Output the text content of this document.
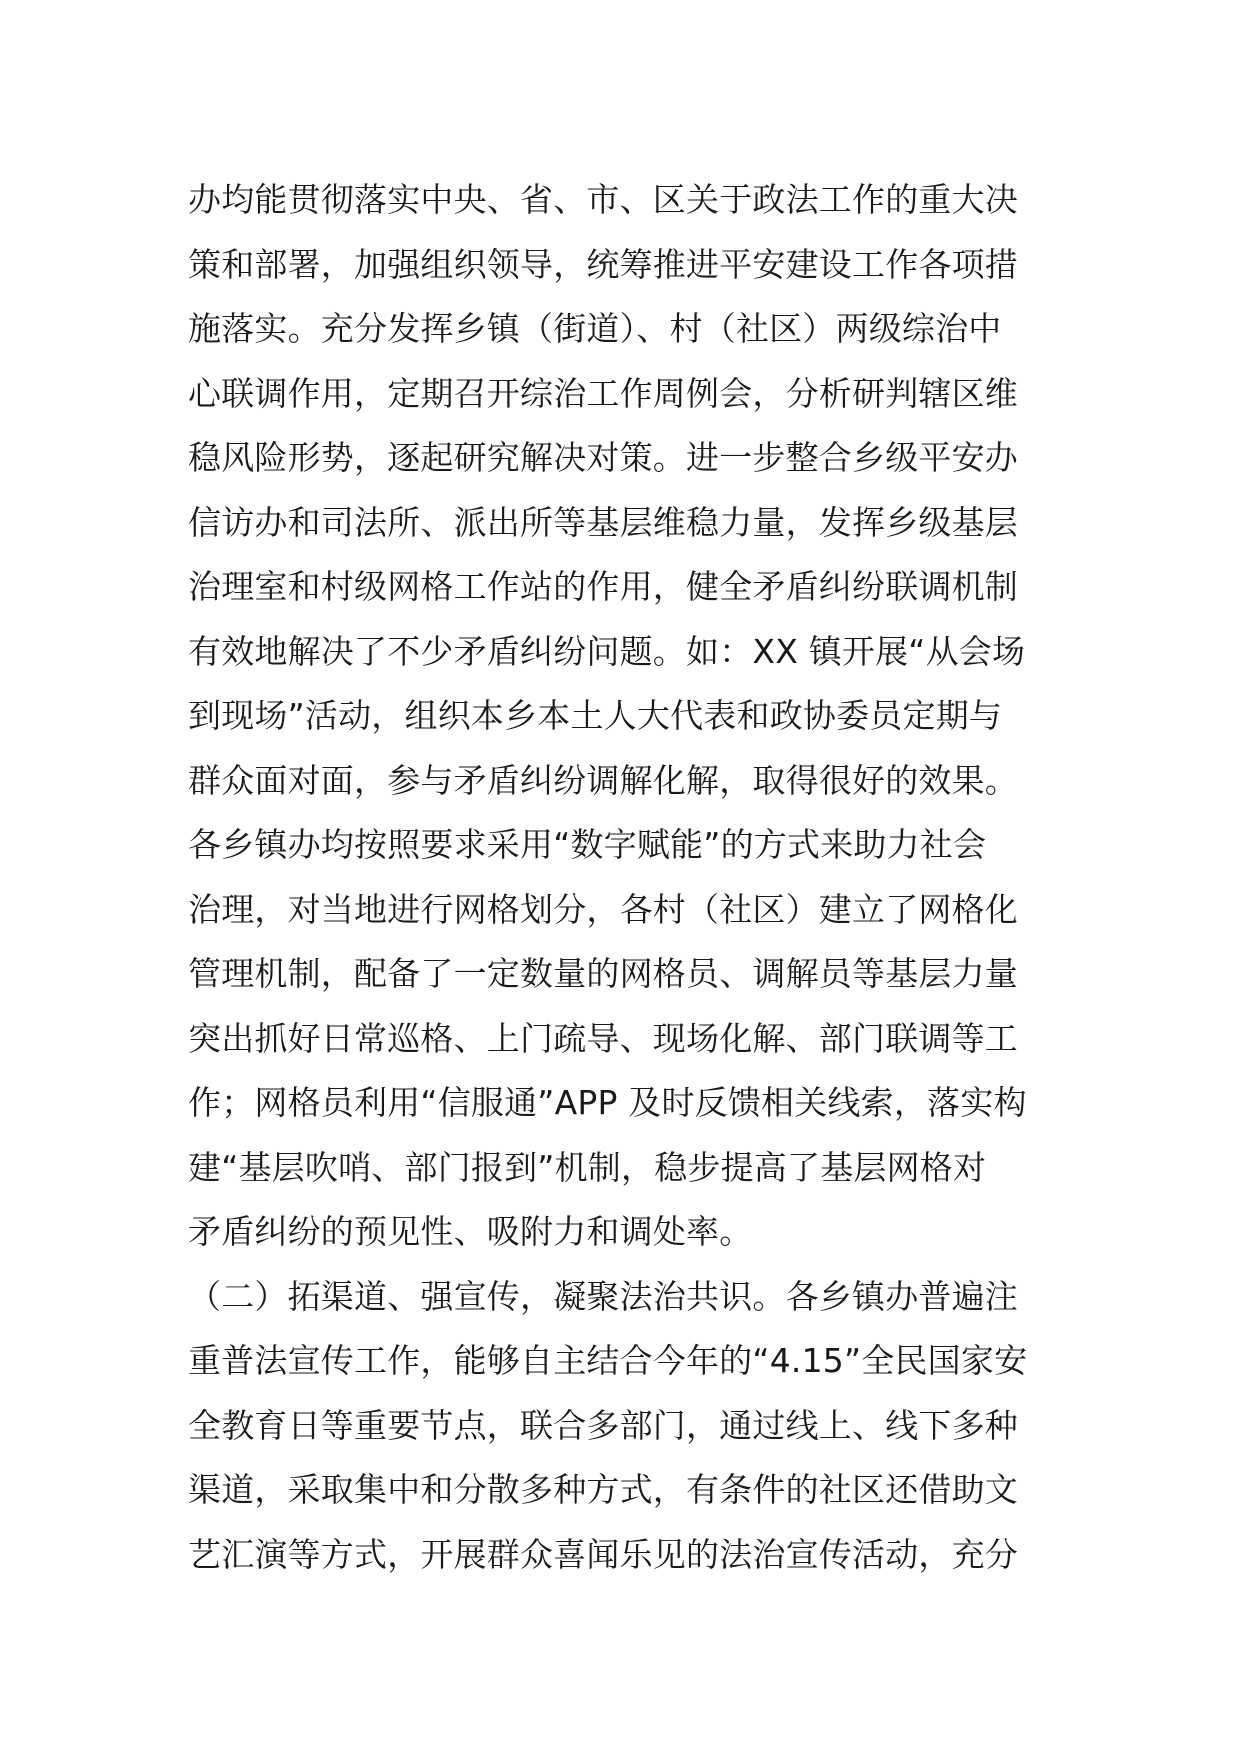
办均能贯彻落实中央、省、市、区关于政法工作的重大决
策和部署，加强组织领导，统筹推进平安建设工作各项措
施落实。充分发挥乡镇（街道）、村（社区）两级综治中
心联调作用，定期召开综治工作周例会，分析研判辖区维
稳风险形势，逐起研究解决对策。进一步整合乡级平安办
信访办和司法所、派出所等基层维稳力量，发挥乡级基层
治理室和村级网格工作站的作用，健全矛盾纠纷联调机制
有效地解决了不少矛盾纠纷问题。如：XX 镇开展“从会场
到现场”活动，组织本乡本土人大代表和政协委员定期与
群众面对面，参与矛盾纠纷调解化解，取得很好的效果。
各乡镇办均按照要求采用“数字赋能”的方式来助力社会
治理，对当地进行网格划分，各村（社区）建立了网格化
管理机制，配备了一定数量的网格员、调解员等基层力量
突出抓好日常巡格、上门疏导、现场化解、部门联调等工
作；网格员利用“信服通”APP 及时反馈相关线索，落实构
建“基层吹哨、部门报到”机制，稳步提高了基层网格对
矛盾纠纷的预见性、吸附力和调处率。
（二）拓渠道、强宣传，凝聚法治共识。各乡镇办普遍注
重普法宣传工作，能够自主结合今年的“4.15”全民国家安
全教育日等重要节点，联合多部门，通过线上、线下多种
渠道，采取集中和分散多种方式，有条件的社区还借助文
艺汇演等方式，开展群众喜闻乐见的法治宣传活动，充分
